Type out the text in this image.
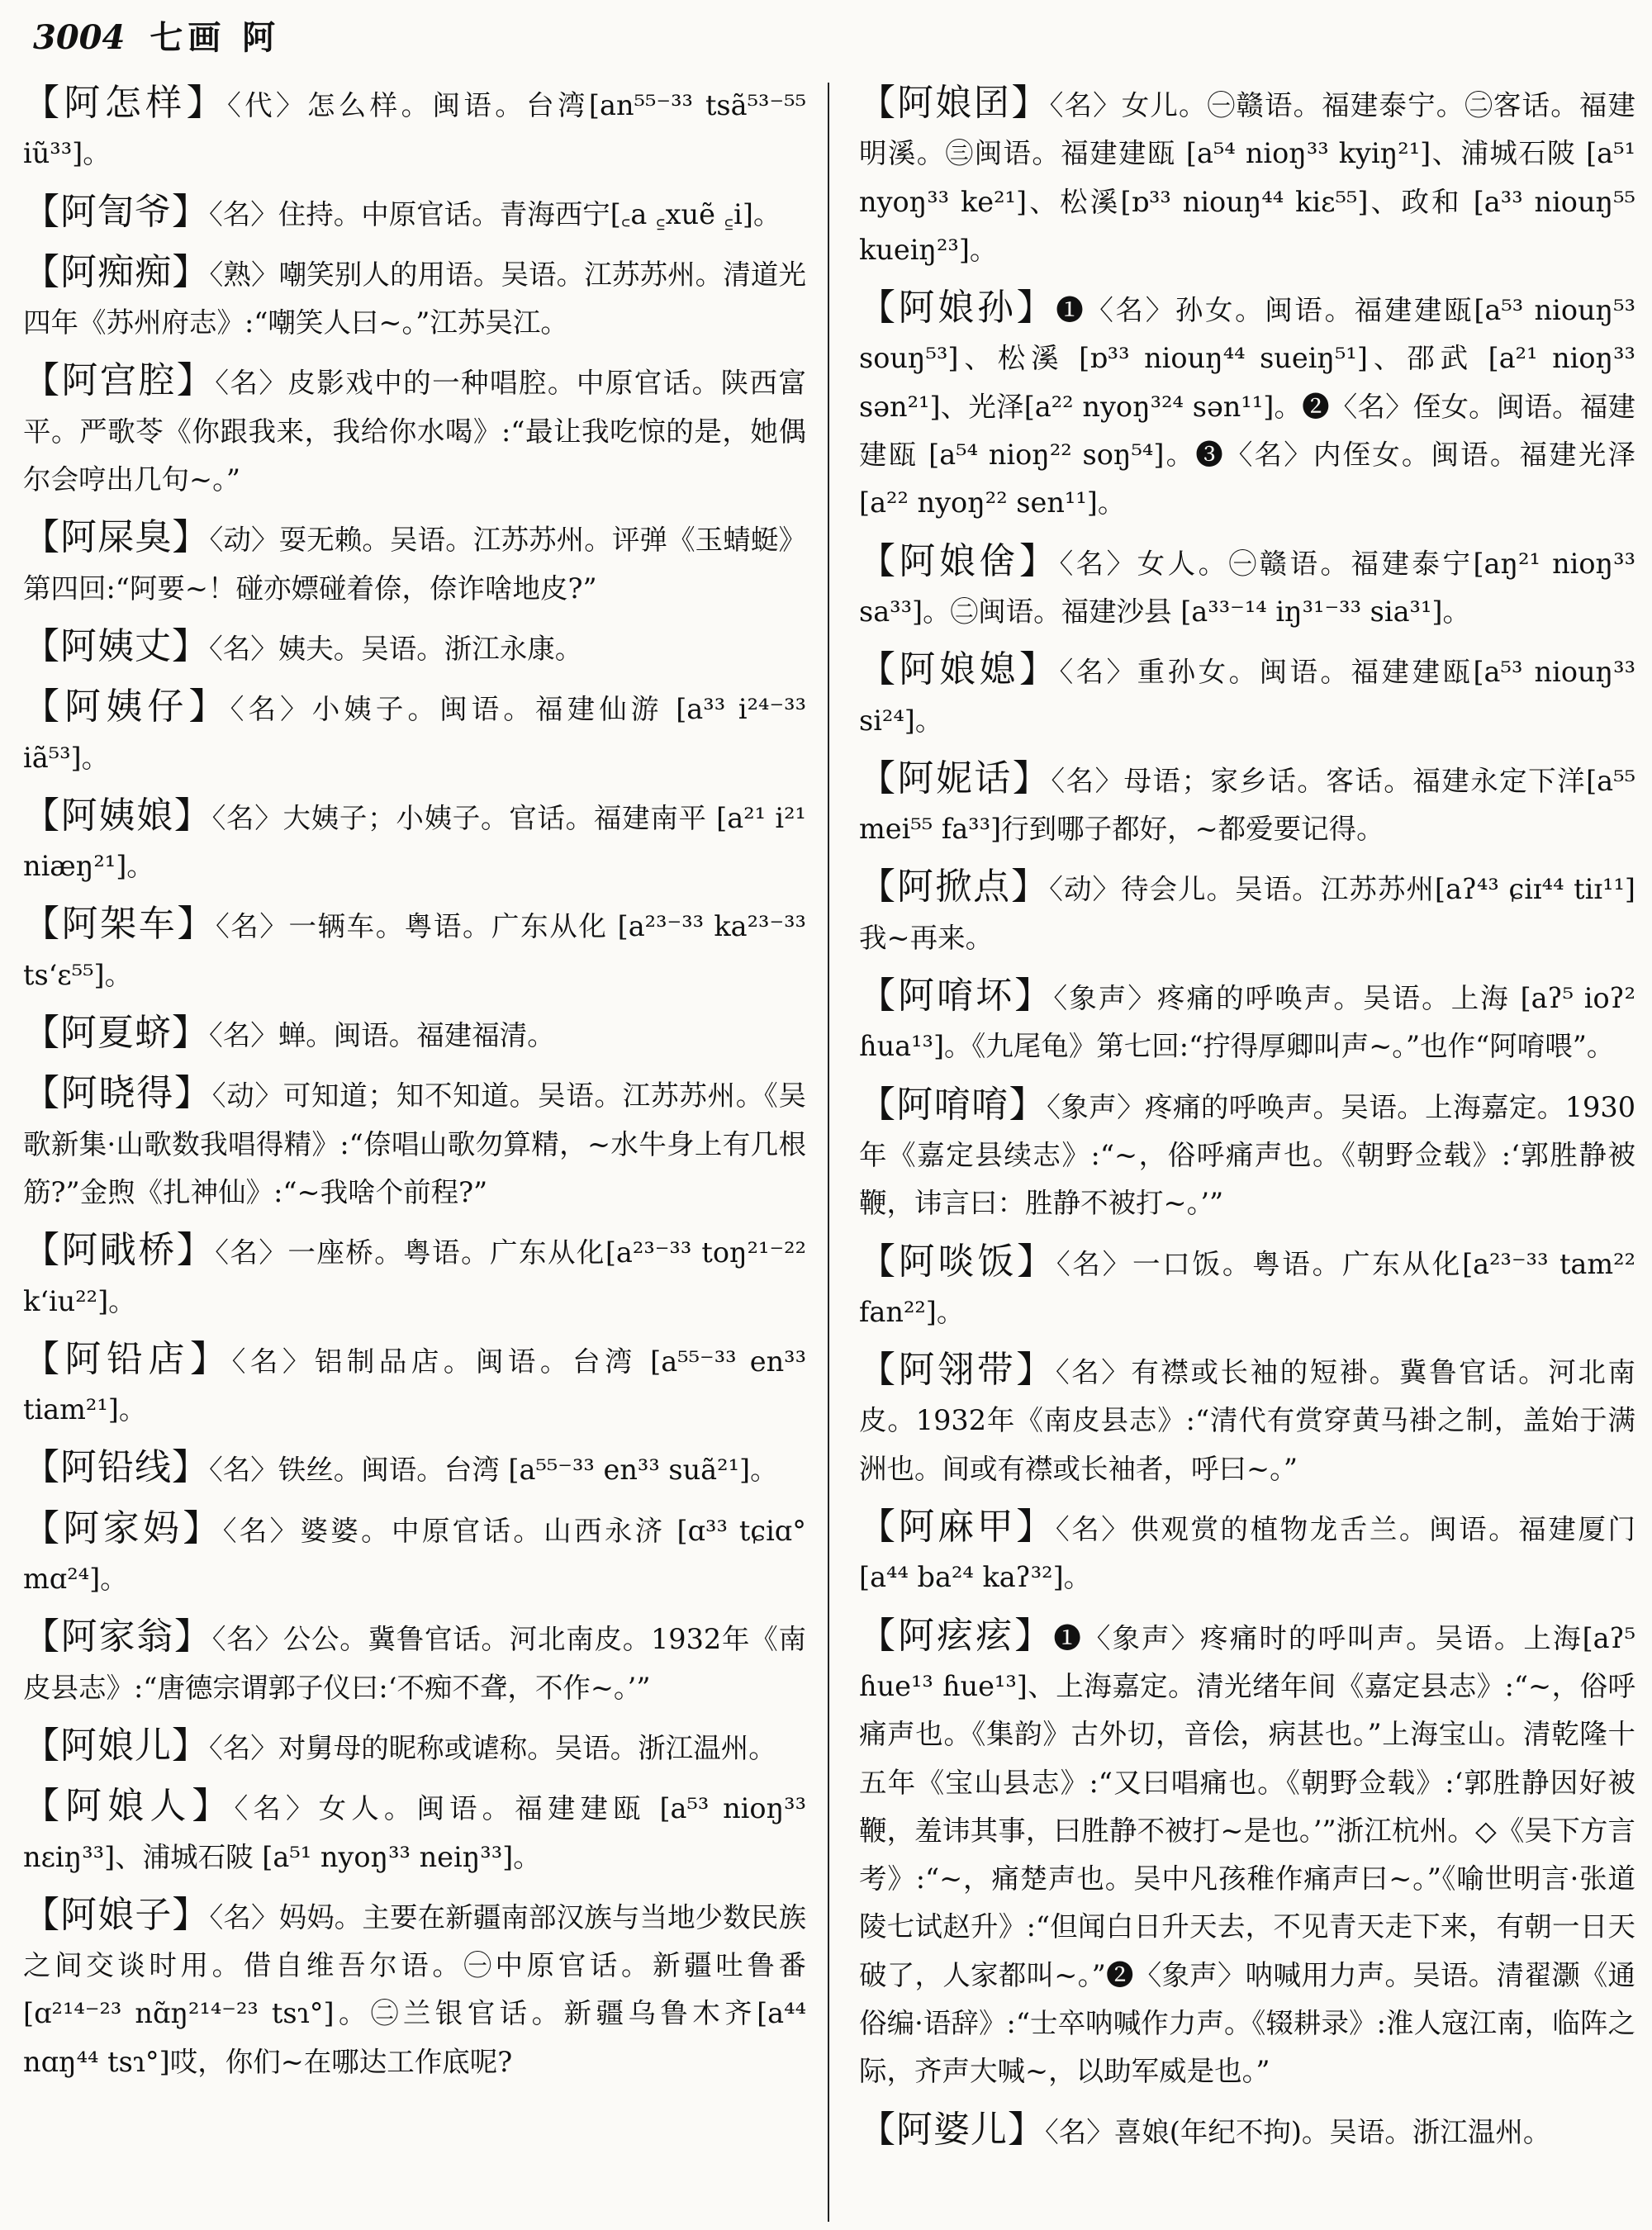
3004 七画 阿

【阿怎样】〈代〉怎么样。闽语。台湾[an⁵⁵⁻³³ tsã⁵³⁻⁵⁵ iũ³³]。

【阿訇爷】〈名〉住持。中原官话。青海西宁[꜀a ꜁xuẽ ꜁i]。

【阿痴痴】〈熟〉嘲笑别人的用语。吴语。江苏苏州。清道光四年《苏州府志》:“嘲笑人曰~。”江苏吴江。

【阿宫腔】〈名〉皮影戏中的一种唱腔。中原官话。陕西富平。严歌苓《你跟我来，我给你水喝》:“最让我吃惊的是，她偶尔会哼出几句~。”

【阿屎臭】〈动〉耍无赖。吴语。江苏苏州。评弹《玉蜻蜓》第四回:“阿要~！碰亦嫖碰着倷，倷诈啥地皮?”

【阿姨丈】〈名〉姨夫。吴语。浙江永康。

【阿姨仔】〈名〉小姨子。闽语。福建仙游 [a³³ i²⁴⁻³³ iã⁵³]。

【阿姨娘】〈名〉大姨子；小姨子。官话。福建南平 [a²¹ i²¹ niæŋ²¹]。

【阿架车】〈名〉一辆车。粤语。广东从化 [a²³⁻³³ ka²³⁻³³ ts‘ɛ⁵⁵]。

【阿夏蛴】〈名〉蝉。闽语。福建福清。

【阿晓得】〈动〉可知道；知不知道。吴语。江苏苏州。《吴歌新集·山歌数我唱得精》:“倷唱山歌勿算精，~水牛身上有几根筋?”金煦《扎神仙》:“~我啥个前程?”

【阿戙桥】〈名〉一座桥。粤语。广东从化[a²³⁻³³ toŋ²¹⁻²² k‘iu²²]。

【阿铅店】〈名〉铝制品店。闽语。台湾 [a⁵⁵⁻³³ en³³ tiam²¹]。

【阿铅线】〈名〉铁丝。闽语。台湾 [a⁵⁵⁻³³ en³³ suã²¹]。

【阿家妈】〈名〉婆婆。中原官话。山西永济 [ɑ³³ tɕiɑ° mɑ²⁴]。

【阿家翁】〈名〉公公。冀鲁官话。河北南皮。1932年《南皮县志》:“唐德宗谓郭子仪曰:‘不痴不聋，不作~。’”

【阿娘儿】〈名〉对舅母的昵称或谑称。吴语。浙江温州。

【阿娘人】〈名〉女人。闽语。福建建瓯 [a⁵³ nioŋ³³ nɛiŋ³³]、浦城石陂 [a⁵¹ nyoŋ³³ neiŋ³³]。

【阿娘子】〈名〉妈妈。主要在新疆南部汉族与当地少数民族之间交谈时用。借自维吾尔语。㊀中原官话。新疆吐鲁番[ɑ²¹⁴⁻²³ nɑ̃ŋ²¹⁴⁻²³ tsɿ°]。㊁兰银官话。新疆乌鲁木齐[a⁴⁴ nɑŋ⁴⁴ tsɿ°]哎，你们~在哪达工作底呢?

【阿娘囝】〈名〉女儿。㊀赣语。福建泰宁。㊁客话。福建明溪。㊂闽语。福建建瓯 [a⁵⁴ nioŋ³³ kyiŋ²¹]、浦城石陂 [a⁵¹ nyoŋ³³ ke²¹]、松溪[ɒ³³ niouŋ⁴⁴ kiɛ⁵⁵]、政和 [a³³ niouŋ⁵⁵ kueiŋ²³]。

【阿娘孙】❶〈名〉孙女。闽语。福建建瓯[a⁵³ niouŋ⁵³ souŋ⁵³]、松溪 [ɒ³³ niouŋ⁴⁴ sueiŋ⁵¹]、邵武 [a²¹ nioŋ³³ sən²¹]、光泽[a²² nyoŋ³²⁴ sən¹¹]。❷〈名〉侄女。闽语。福建建瓯 [a⁵⁴ nioŋ²² soŋ⁵⁴]。❸〈名〉内侄女。闽语。福建光泽 [a²² nyoŋ²² sen¹¹]。

【阿娘倽】〈名〉女人。㊀赣语。福建泰宁[aŋ²¹ nioŋ³³ sa³³]。㊁闽语。福建沙县 [a³³⁻¹⁴ iŋ³¹⁻³³ sia³¹]。

【阿娘媳】〈名〉重孙女。闽语。福建建瓯[a⁵³ niouŋ³³ si²⁴]。

【阿妮话】〈名〉母语；家乡话。客话。福建永定下洋[a⁵⁵ mei⁵⁵ fa³³]行到哪子都好，~都爱要记得。

【阿掀点】〈动〉待会儿。吴语。江苏苏州[aʔ⁴³ ɕiɪ⁴⁴ tiɪ¹¹]我~再来。

【阿唷坏】〈象声〉疼痛的呼唤声。吴语。上海 [aʔ⁵ ioʔ² ɦua¹³]。《九尾龟》第七回:“拧得厚卿叫声~。”也作“阿唷喂”。

【阿唷唷】〈象声〉疼痛的呼唤声。吴语。上海嘉定。1930年《嘉定县续志》:“~，俗呼痛声也。《朝野佥载》:‘郭胜静被鞭，讳言曰：胜静不被打~。’”

【阿啖饭】〈名〉一口饭。粤语。广东从化[a²³⁻³³ tam²² fan²²]。

【阿翎带】〈名〉有襟或长袖的短褂。冀鲁官话。河北南皮。1932年《南皮县志》:“清代有赏穿黄马褂之制，盖始于满洲也。间或有襟或长袖者，呼曰~。”

【阿麻甲】〈名〉供观赏的植物龙舌兰。闽语。福建厦门 [a⁴⁴ ba²⁴ kaʔ³²]。

【阿痃痃】❶〈象声〉疼痛时的呼叫声。吴语。上海[aʔ⁵ ɦue¹³ ɦue¹³]、上海嘉定。清光绪年间《嘉定县志》:“~，俗呼痛声也。《集韵》古外切，音侩，病甚也。”上海宝山。清乾隆十五年《宝山县志》:“又曰唱痛也。《朝野佥载》:‘郭胜静因好被鞭，羞讳其事，曰胜静不被打~是也。’”浙江杭州。◇《吴下方言考》:“~，痛楚声也。吴中凡孩稚作痛声曰~。”《喻世明言·张道陵七试赵升》:“但闻白日升天去，不见青天走下来，有朝一日天破了，人家都叫~。”❷〈象声〉呐喊用力声。吴语。清翟灏《通俗编·语辞》:“士卒呐喊作力声。《辍耕录》:淮人寇江南，临阵之际，齐声大喊~，以助军威是也。”

【阿婆儿】〈名〉喜娘(年纪不拘)。吴语。浙江温州。
